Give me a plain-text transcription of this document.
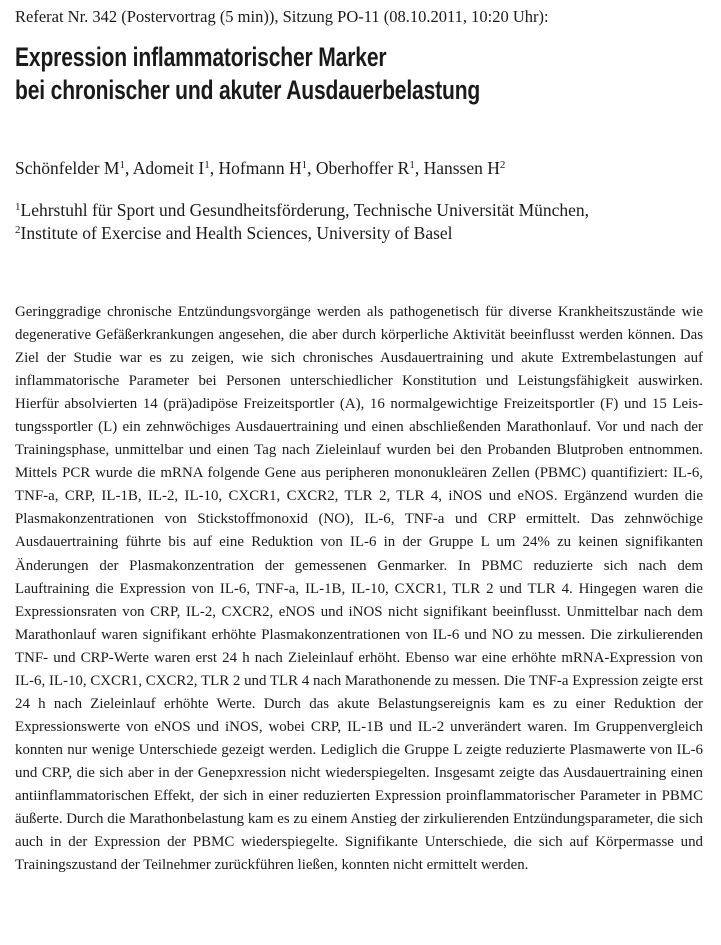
Referat Nr. 342 (Postervortrag (5 min)), Sitzung PO-11 (08.10.2011, 10:20 Uhr):
Expression inflammatorischer Marker
bei chronischer und akuter Ausdauerbelastung
Schönfelder $M^1$, Adomeit $I^1$, Hofmann $H^1$, Oberhoffer $R^1$, Hanssen $H^2$
$^1$Lehrstuhl für Sport und Gesundheitsförderung, Technische Universität München,
$^2$Institute of Exercise and Health Sciences, University of Basel

Geringgradige chronische Entzündungsvorgänge werden als pathogenetisch für diverse Krankheitszustände wie degenerative Gefäßerkrankungen angesehen, die aber durch körperliche Aktivität beeinflusst werden können. Das Ziel der Studie war es zu zeigen, wie sich chronisches Ausdauertraining und akute Extrembelastungen auf inflammatorische Parameter bei Personen unterschiedlicher Konstitution und Leistungsfähigkeit auswirken. Hierfür absolvierten 14 (prä)adipöse Freizeitsportler (A), 16 normalgewichtige Freizeitsportler (F) und 15 Leistungssportler (L) ein zehnwöchiges Ausdauertraining und einen abschließenden Marathonlauf. Vor und nach der Trainingsphase, unmittelbar und einen Tag nach Zieleinlauf wurden bei den Probanden Blutproben entnommen. Mittels PCR wurde die mRNA folgende Gene aus peripheren mononukleären Zellen (PBMC) quantifiziert: IL-6, TNF-a, CRP, IL-1B, IL-2, IL-10, CXCR1, CXCR2, TLR 2, TLR 4, iNOS und eNOS. Ergänzend wurden die Plasmakonzentrationen von Stickstoffmonoxid (NO), IL-6, TNF-a und CRP ermittelt. Das zehnwöchige Ausdauertraining führte bis auf eine Reduktion von IL-6 in der Gruppe L um 24% zu keinen signifikanten Änderungen der Plasmakonzentration der gemessenen Genmarker. In PBMC reduzierte sich nach dem Lauftraining die Expression von IL-6, TNF-a, IL-1B, IL-10, CXCR1, TLR 2 und TLR 4. Hingegen waren die Expressionsraten von CRP, IL-2, CXCR2, eNOS und iNOS nicht signifikant beeinflusst. Unmittelbar nach dem Marathonlauf waren signifikant erhöhte Plasmakonzentrationen von IL-6 und NO zu messen. Die zirkulierenden TNF- und CRP-Werte waren erst 24 h nach Zieleinlauf erhöht. Ebenso war eine erhöhte mRNA-Expression von IL-6, IL-10, CXCR1, CXCR2, TLR 2 und TLR 4 nach Marathonende zu messen. Die TNF-a Expression zeigte erst 24 h nach Zieleinlauf erhöhte Werte. Durch das akute Belastungsereignis kam es zu einer Reduktion der Expressionswerte von eNOS und iNOS, wobei CRP, IL-1B und IL-2 unverändert waren. Im Gruppenvergleich konnten nur wenige Unterschiede gezeigt werden. Lediglich die Gruppe L zeigte reduzierte Plasmawerte von IL-6 und CRP, die sich aber in der Genepxression nicht wiederspiegelten. Insgesamt zeigte das Ausdauertraining einen antiinflammatorischen Effekt, der sich in einer reduzierten Expression proinflammatorischer Parameter in PBMC äußerte. Durch die Marathonbelastung kam es zu einem Anstieg der zirkulierenden Entzündungsparameter, die sich auch in der Expression der PBMC wiederspiegelte. Signifikante Unterschiede, die sich auf Körpermasse und Trainingszustand der Teilnehmer zurückführen ließen, konnten nicht ermittelt werden.
